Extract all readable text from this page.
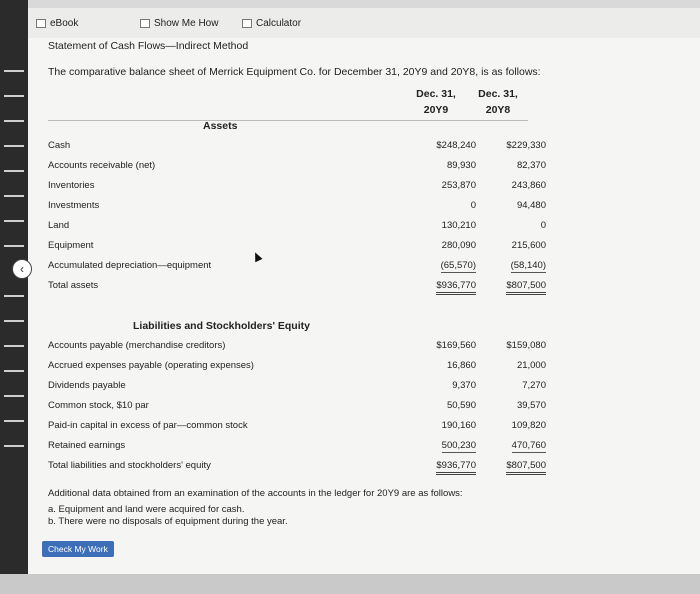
eBook	Show Me How	Calculator
Statement of Cash Flows—Indirect Method
The comparative balance sheet of Merrick Equipment Co. for December 31, 20Y9 and 20Y8, is as follows:
Dec. 31,
20Y9
Dec. 31,
20Y8
Assets
Cash	$248,240	$229,330
Accounts receivable (net)	89,930	82,370
Inventories	253,870	243,860
Investments	0	94,480
Land	130,210	0
Equipment	280,090	215,600
Accumulated depreciation—equipment	(65,570)	(58,140)
Total assets	$936,770	$807,500
Accounts payable (merchandise creditors)	$169,560	$159,080
Accrued expenses payable (operating expenses)	16,860	21,000
Dividends payable	9,370	7,270
Common stock, $10 par	50,590	39,570
Paid-in capital in excess of par—common stock	190,160	109,820
Retained earnings	500,230	470,760
Total liabilities and stockholders' equity	$936,770	$807,500
Liabilities and Stockholders' Equity
Additional data obtained from an examination of the accounts in the ledger for 20Y9 are as follows:
a. Equipment and land were acquired for cash.
b. There were no disposals of equipment during the year.
Check My Work
‹
